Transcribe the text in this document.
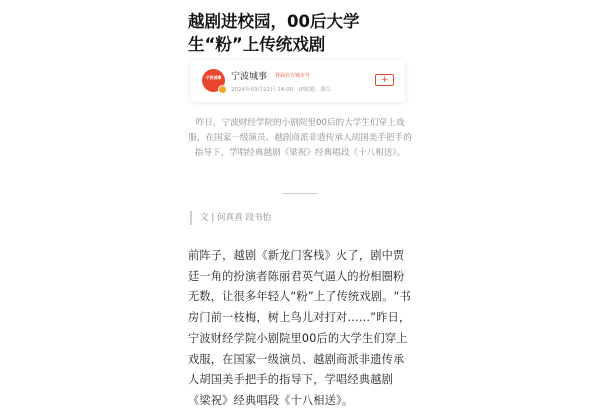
越剧进校园，00后大学生“粉”上传统戏剧
宁波城事	宁波城事 界面官方城市号
2024年03月22日 14:00 IP属地：浙江
+

昨日，宁波财经学院的小剧院里00后的大学生们穿上戏服，在国家一级演员、越剧商派非遗传承人胡国美手把手的指导下，学唱经典越剧《梁祝》经典唱段《十八相送》。

文 | 何真真 段书怡

前阵子，越剧《新龙门客栈》火了，剧中贾廷一角的扮演者陈丽君英气逼人的扮相圈粉无数，让很多年轻人“粉”上了传统戏剧。“书房门前一枝梅，树上鸟儿对打对……”昨日，宁波财经学院小剧院里00后的大学生们穿上戏服，在国家一级演员、越剧商派非遗传承人胡国美手把手的指导下，学唱经典越剧《梁祝》经典唱段《十八相送》。
